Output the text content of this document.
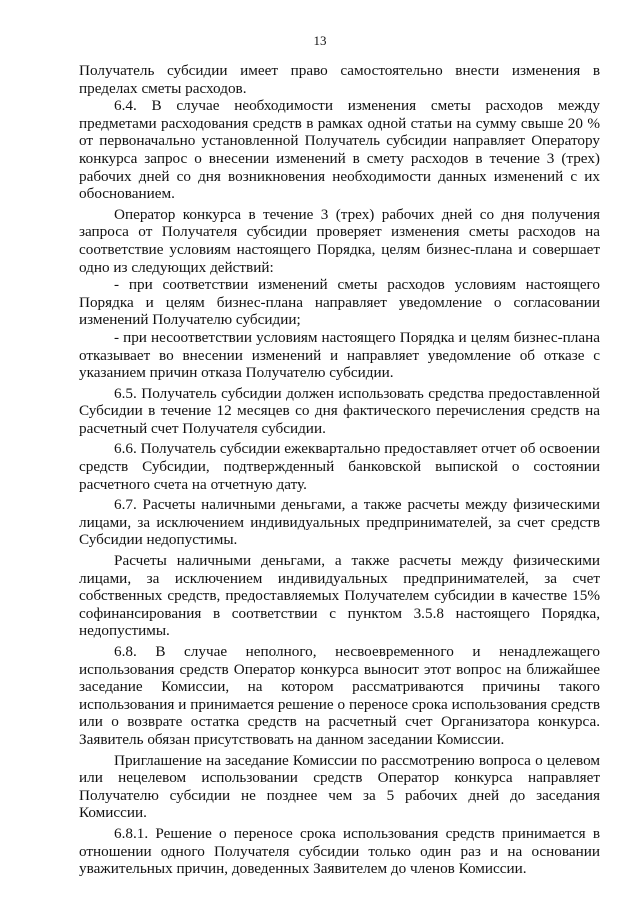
13

Получатель субсидии имеет право самостоятельно внести изменения в пределах сметы расходов.

6.4. В случае необходимости изменения сметы расходов между предметами расходования средств в рамках одной статьи на сумму свыше 20 % от первоначально установленной Получатель субсидии направляет Оператору конкурса запрос о внесении изменений в смету расходов в течение 3 (трех) рабочих дней со дня возникновения необходимости данных изменений с их обоснованием.

Оператор конкурса в течение 3 (трех) рабочих дней со дня получения запроса от Получателя субсидии проверяет изменения сметы расходов на соответствие условиям настоящего Порядка, целям бизнес-плана и совершает одно из следующих действий:

- при соответствии изменений сметы расходов условиям настоящего Порядка и целям бизнес-плана направляет уведомление о согласовании изменений Получателю субсидии;

- при несоответствии условиям настоящего Порядка и целям бизнес-плана отказывает во внесении изменений и направляет уведомление об отказе с указанием причин отказа Получателю субсидии.

6.5. Получатель субсидии должен использовать средства предоставленной Субсидии в течение 12 месяцев со дня фактического перечисления средств на расчетный счет Получателя субсидии.

6.6. Получатель субсидии ежеквартально предоставляет отчет об освоении средств Субсидии, подтвержденный банковской выпиской о состоянии расчетного счета на отчетную дату.

6.7. Расчеты наличными деньгами, а также расчеты между физическими лицами, за исключением индивидуальных предпринимателей, за счет средств Субсидии недопустимы.

Расчеты наличными деньгами, а также расчеты между физическими лицами, за исключением индивидуальных предпринимателей, за счет собственных средств, предоставляемых Получателем субсидии в качестве 15% софинансирования в соответствии с пунктом 3.5.8 настоящего Порядка, недопустимы.

6.8. В случае неполного, несвоевременного и ненадлежащего использования средств Оператор конкурса выносит этот вопрос на ближайшее заседание Комиссии, на котором рассматриваются причины такого использования и принимается решение о переносе срока использования средств или о возврате остатка средств на расчетный счет Организатора конкурса. Заявитель обязан присутствовать на данном заседании Комиссии.

Приглашение на заседание Комиссии по рассмотрению вопроса о целевом или нецелевом использовании средств Оператор конкурса направляет Получателю субсидии не позднее чем за 5 рабочих дней до заседания Комиссии.

6.8.1. Решение о переносе срока использования средств принимается в отношении одного Получателя субсидии только один раз и на основании уважительных причин, доведенных Заявителем до членов Комиссии.
